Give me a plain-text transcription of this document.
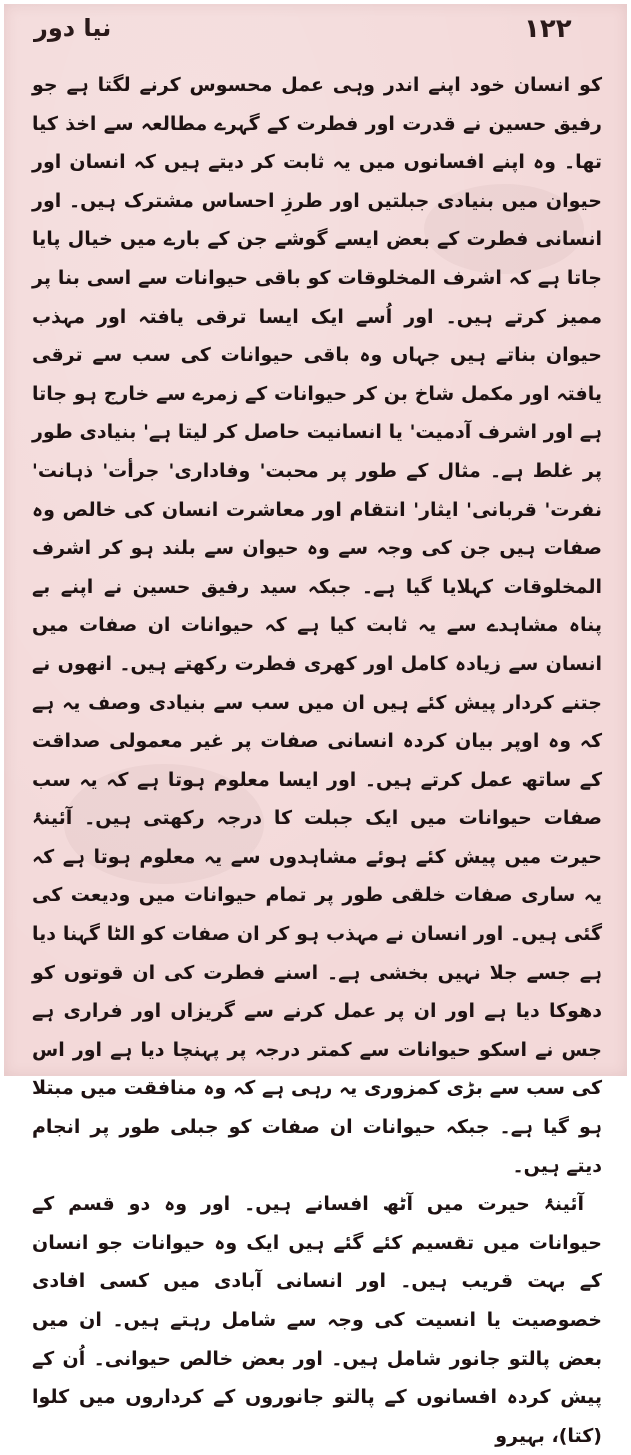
نیا دور	۱۲۲

کو انسان خود اپنے اندر وہی عمل محسوس کرنے لگتا ہے جو رفیق حسین نے قدرت اور فطرت کے گہرے مطالعہ سے اخذ کیا تھا۔ وہ اپنے افسانوں میں یہ ثابت کر دیتے ہیں کہ انسان اور حیوان میں بنیادی جبلتیں اور طرزِ احساس مشترک ہیں۔ اور انسانی فطرت کے بعض ایسے گوشے جن کے بارے میں خیال پایا جاتا ہے کہ اشرف المخلوقات کو باقی حیوانات سے اسی بنا پر ممیز کرتے ہیں۔ اور اُسے ایک ایسا ترقی یافتہ اور مہذب حیوان بناتے ہیں جہاں وہ باقی حیوانات کی سب سے ترقی یافتہ اور مکمل شاخ بن کر حیوانات کے زمرے سے خارج ہو جاتا ہے اور اشرف آدمیت' یا انسانیت حاصل کر لیتا ہے' بنیادی طور پر غلط ہے۔ مثال کے طور پر محبت' وفاداری' جرأت' ذہانت' نفرت' قربانی' ایثار' انتقام اور معاشرت انسان کی خالص وہ صفات ہیں جن کی وجہ سے وہ حیوان سے بلند ہو کر اشرف المخلوقات کہلایا گیا ہے۔ جبکہ سید رفیق حسین نے اپنے بے پناہ مشاہدے سے یہ ثابت کیا ہے کہ حیوانات ان صفات میں انسان سے زیادہ کامل اور کھری فطرت رکھتے ہیں۔ انھوں نے جتنے کردار پیش کئے ہیں ان میں سب سے بنیادی وصف یہ ہے کہ وہ اوپر بیان کردہ انسانی صفات پر غیر معمولی صداقت کے ساتھ عمل کرتے ہیں۔ اور ایسا معلوم ہوتا ہے کہ یہ سب صفات حیوانات میں ایک جبلت کا درجہ رکھتی ہیں۔ آئینۂ حیرت میں پیش کئے ہوئے مشاہدوں سے یہ معلوم ہوتا ہے کہ یہ ساری صفات خلقی طور پر تمام حیوانات میں ودیعت کی گئی ہیں۔ اور انسان نے مہذب ہو کر ان صفات کو الٹا گہنا دیا ہے جسے جلا نہیں بخشی ہے۔ اسنے فطرت کی ان قوتوں کو دھوکا دیا ہے اور ان پر عمل کرنے سے گریزاں اور فراری ہے جس نے اسکو حیوانات سے کمتر درجہ پر پہنچا دیا ہے اور اس کی سب سے بڑی کمزوری یہ رہی ہے کہ وہ منافقت میں مبتلا ہو گیا ہے۔ جبکہ حیوانات ان صفات کو جبلی طور پر انجام دیتے ہیں۔

آئینۂ حیرت میں آٹھ افسانے ہیں۔ اور وہ دو قسم کے حیوانات میں تقسیم کئے گئے ہیں ایک وہ حیوانات جو انسان کے بہت قریب ہیں۔ اور انسانی آبادی میں کسی افادی خصوصیت یا انسیت کی وجہ سے شامل رہتے ہیں۔ ان میں بعض پالتو جانور شامل ہیں۔ اور بعض خالص حیوانی۔ اُن کے پیش کردہ افسانوں کے پالتو جانوروں کے کرداروں میں کلوا (کتا)، بہیرو
